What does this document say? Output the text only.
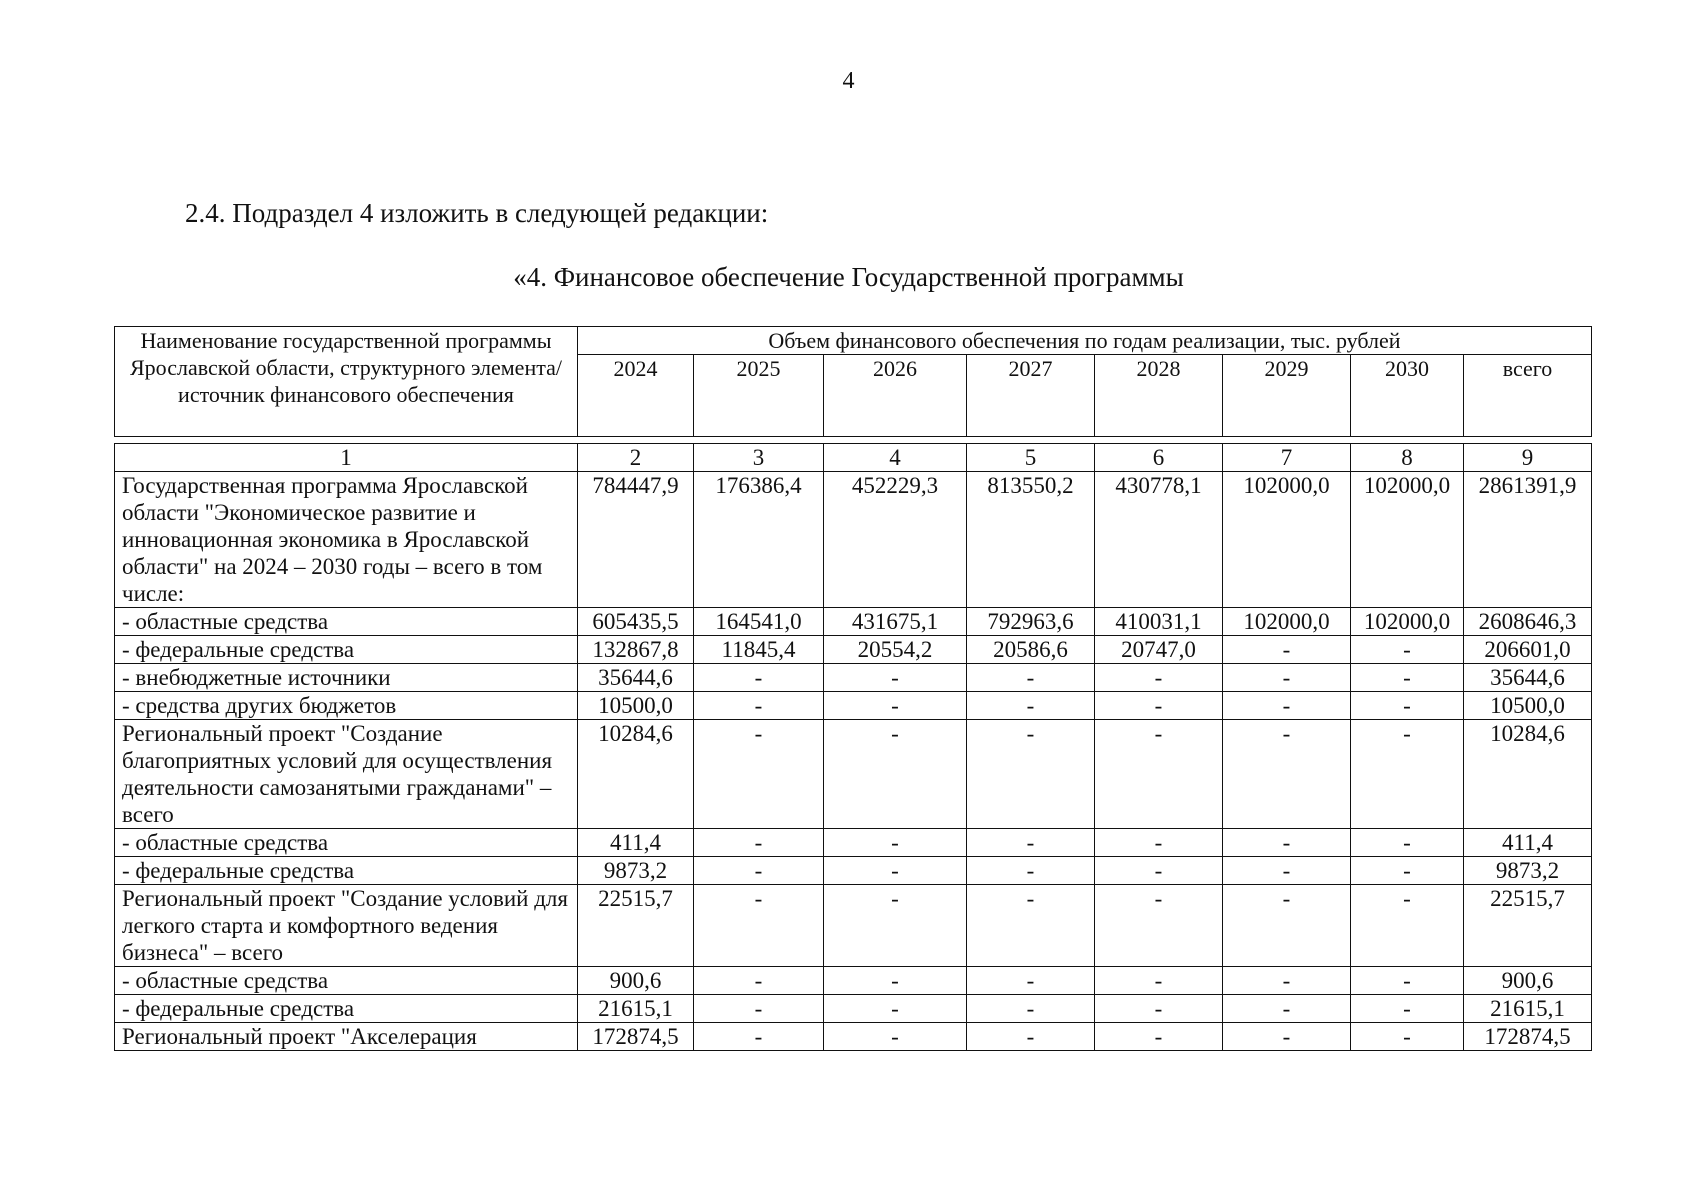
4
2.4. Подраздел 4 изложить в следующей редакции:
«4. Финансовое обеспечение Государственной программы
Наименование государственной программы Ярославской области, структурного элемента/ источник финансового обеспечения	Объем финансового обеспечения по годам реализации, тыс. рублей							
	2024	2025	2026	2027	2028	2029	2030	всего
1	2	3	4	5	6	7	8	9
Государственная программа Ярославской области "Экономическое развитие и инновационная экономика в Ярославской области" на 2024 – 2030 годы – всего в том числе:	784447,9	176386,4	452229,3	813550,2	430778,1	102000,0	102000,0	2861391,9
- областные средства	605435,5	164541,0	431675,1	792963,6	410031,1	102000,0	102000,0	2608646,3
- федеральные средства	132867,8	11845,4	20554,2	20586,6	20747,0	-	-	206601,0
- внебюджетные источники	35644,6	-	-	-	-	-	-	35644,6
- средства других бюджетов	10500,0	-	-	-	-	-	-	10500,0
Региональный проект "Создание благоприятных условий для осуществления деятельности самозанятыми гражданами" – всего	10284,6	-	-	-	-	-	-	10284,6
- областные средства	411,4	-	-	-	-	-	-	411,4
- федеральные средства	9873,2	-	-	-	-	-	-	9873,2
Региональный проект "Создание условий для легкого старта и комфортного ведения бизнеса" – всего	22515,7	-	-	-	-	-	-	22515,7
- областные средства	900,6	-	-	-	-	-	-	900,6
- федеральные средства	21615,1	-	-	-	-	-	-	21615,1
Региональный проект "Акселерация	172874,5	-	-	-	-	-	-	172874,5
